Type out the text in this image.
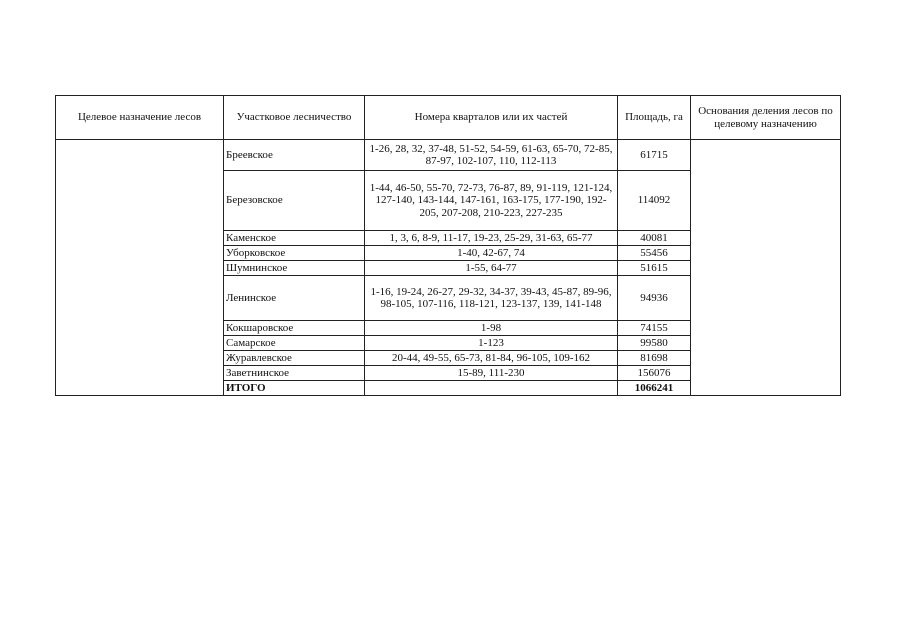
Целевое назначение лесов	Участковое лесничество	Номера кварталов или их частей	Площадь, га	Основания деления лесов по целевому назначению
	Бреевское	1-26, 28, 32, 37-48, 51-52, 54-59, 61-63, 65-70, 72-85, 87-97, 102-107, 110, 112-113	61715	
	Березовское	1-44, 46-50, 55-70, 72-73, 76-87, 89, 91-119, 121-124, 127-140, 143-144, 147-161, 163-175, 177-190, 192-205, 207-208, 210-223, 227-235	114092	
	Каменское	1, 3, 6, 8-9, 11-17, 19-23, 25-29, 31-63, 65-77	40081	
	Уборковское	1-40, 42-67, 74	55456	
	Шумнинское	1-55, 64-77	51615	
	Ленинское	1-16, 19-24, 26-27, 29-32, 34-37, 39-43, 45-87, 89-96, 98-105, 107-116, 118-121, 123-137, 139, 141-148	94936	
	Кокшаровское	1-98	74155	
	Самарское	1-123	99580	
	Журавлевское	20-44, 49-55, 65-73, 81-84, 96-105, 109-162	81698	
	Заветнинское	15-89, 111-230	156076	
	ИТОГО		1066241	
